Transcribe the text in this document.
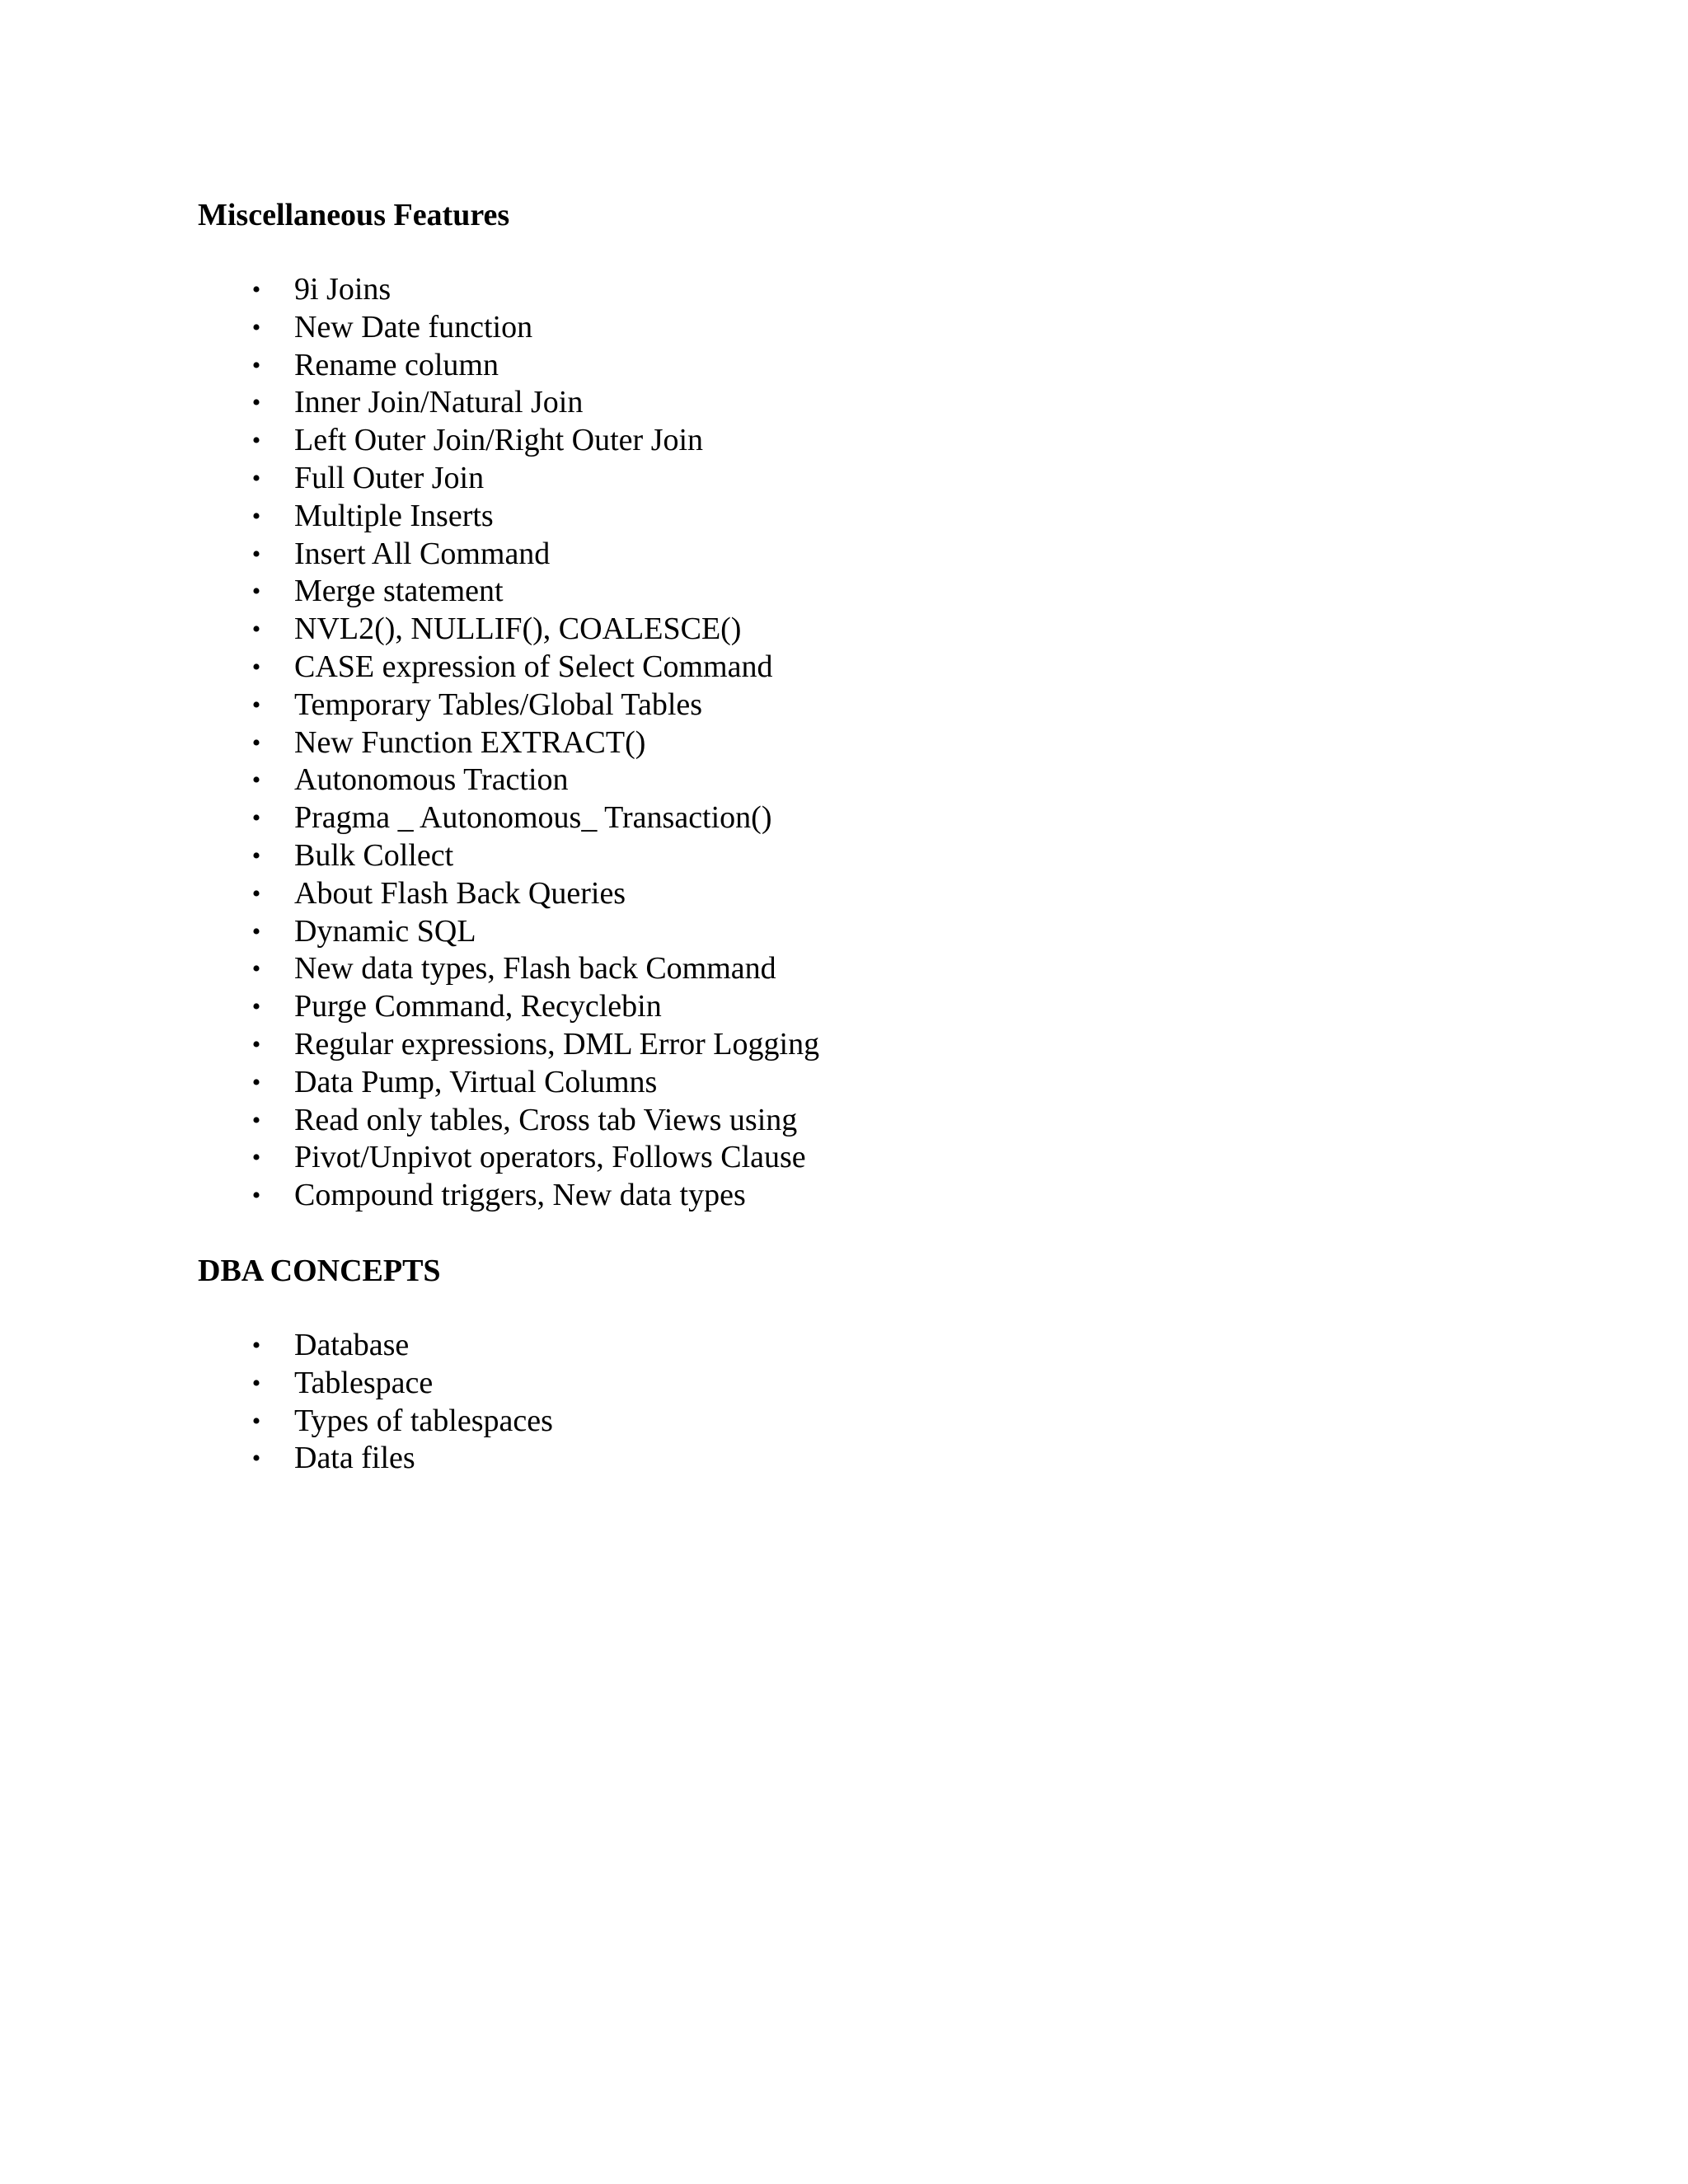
Miscellaneous Features
• 9i Joins
• New Date function
• Rename column
• Inner Join/Natural Join
• Left Outer Join/Right Outer Join
• Full Outer Join
• Multiple Inserts
• Insert All Command
• Merge statement
• NVL2(), NULLIF(), COALESCE()
• CASE expression of Select Command
• Temporary Tables/Global Tables
• New Function EXTRACT()
• Autonomous Traction
• Pragma _ Autonomous_ Transaction()
• Bulk Collect
• About Flash Back Queries
• Dynamic SQL
• New data types, Flash back Command
• Purge Command, Recyclebin
• Regular expressions, DML Error Logging
• Data Pump, Virtual Columns
• Read only tables, Cross tab Views using
• Pivot/Unpivot operators, Follows Clause
• Compound triggers, New data types
DBA CONCEPTS
• Database
• Tablespace
• Types of tablespaces
• Data files
